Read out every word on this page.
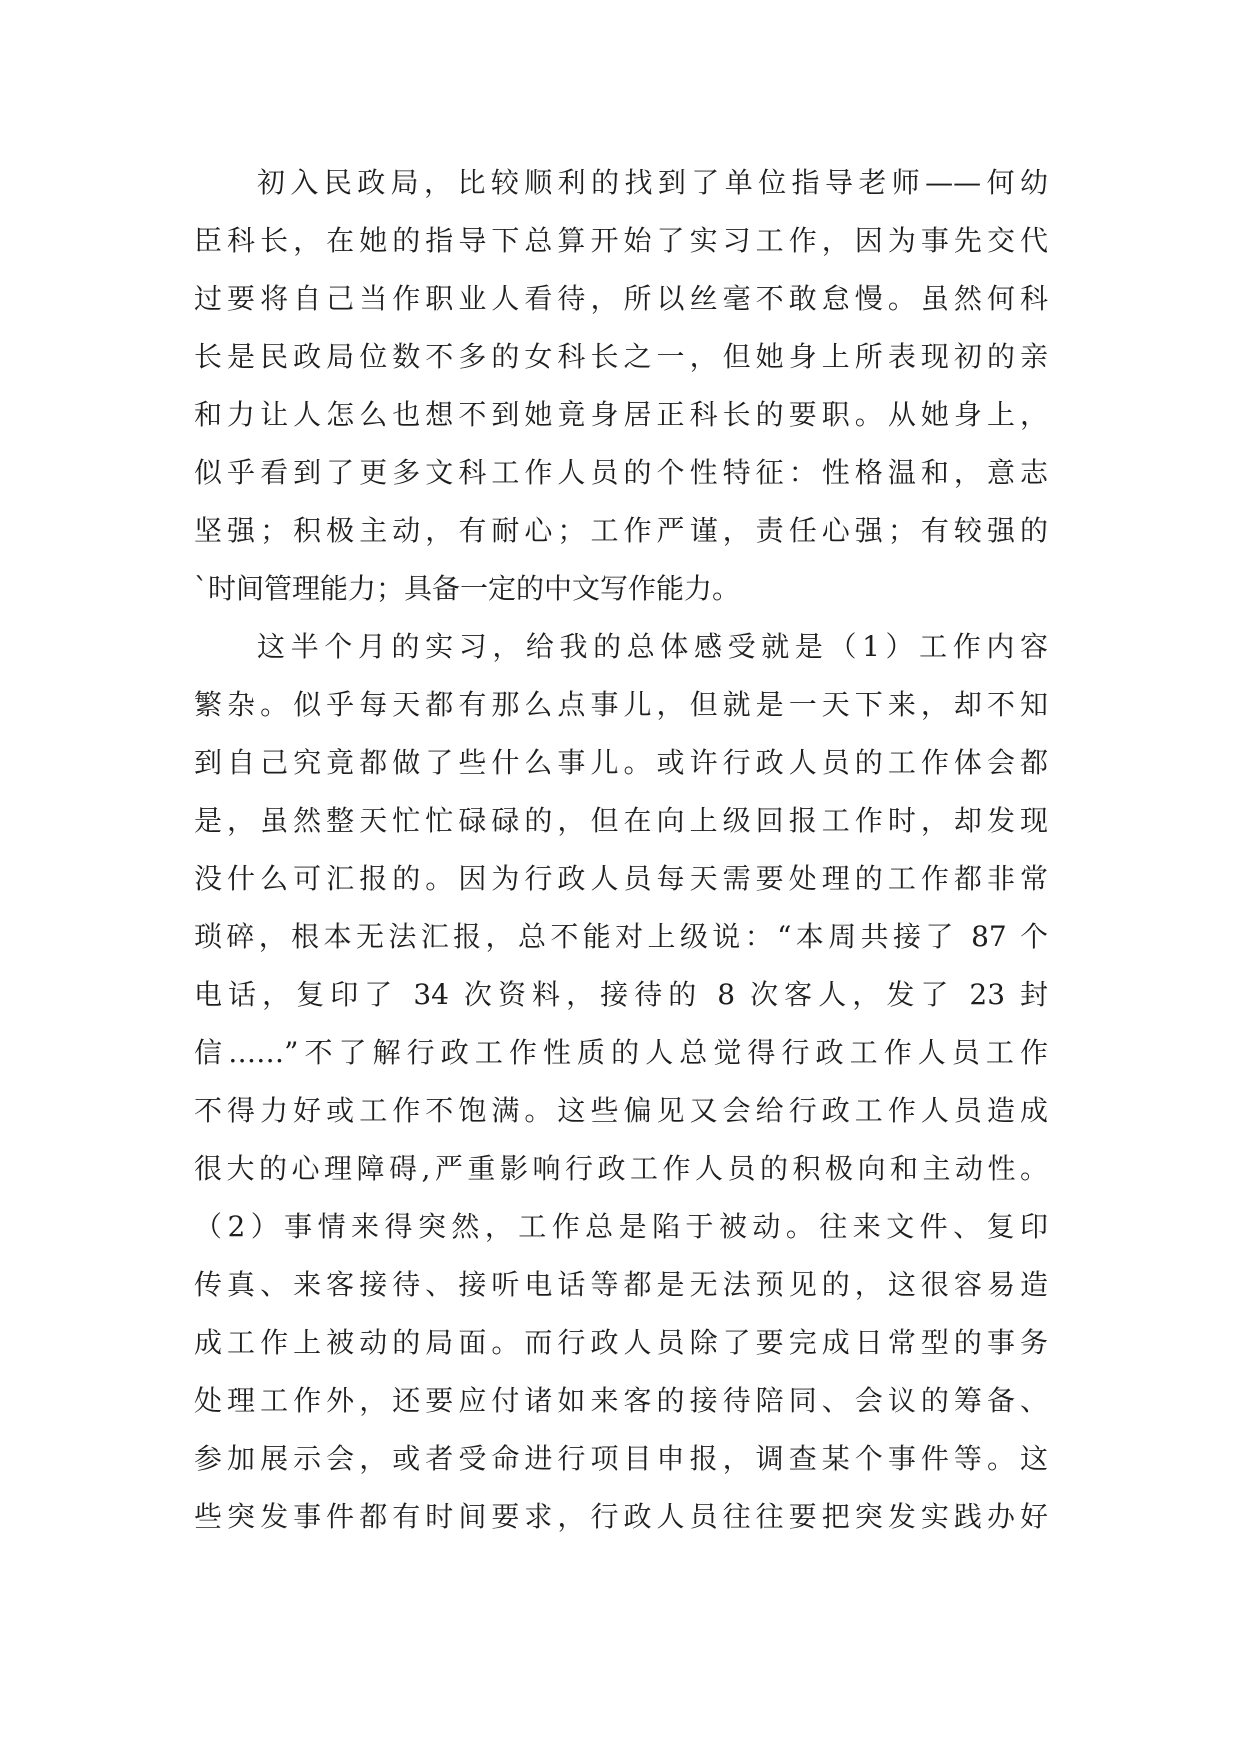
初入民政局，比较顺利的找到了单位指导老师——何幼

臣科长，在她的指导下总算开始了实习工作，因为事先交代

过要将自己当作职业人看待，所以丝毫不敢怠慢。虽然何科

长是民政局位数不多的女科长之一，但她身上所表现初的亲

和力让人怎么也想不到她竟身居正科长的要职。从她身上，

似乎看到了更多文科工作人员的个性特征：性格温和，意志

坚强；积极主动，有耐心；工作严谨，责任心强；有较强的

`时间管理能力；具备一定的中文写作能力。

这半个月的实习，给我的总体感受就是（1）工作内容

繁杂。似乎每天都有那么点事儿，但就是一天下来，却不知

到自己究竟都做了些什么事儿。或许行政人员的工作体会都

是，虽然整天忙忙碌碌的，但在向上级回报工作时，却发现

没什么可汇报的。因为行政人员每天需要处理的工作都非常

琐碎，根本无法汇报，总不能对上级说：“本周共接了 87 个

电话，复印了 34 次资料，接待的 8 次客人，发了 23 封

信……”不了解行政工作性质的人总觉得行政工作人员工作

不得力好或工作不饱满。这些偏见又会给行政工作人员造成

很大的心理障碍,严重影响行政工作人员的积极向和主动性。

（2）事情来得突然，工作总是陷于被动。往来文件、复印

传真、来客接待、接听电话等都是无法预见的，这很容易造

成工作上被动的局面。而行政人员除了要完成日常型的事务

处理工作外，还要应付诸如来客的接待陪同、会议的筹备、

参加展示会，或者受命进行项目申报，调查某个事件等。这

些突发事件都有时间要求，行政人员往往要把突发实践办好
